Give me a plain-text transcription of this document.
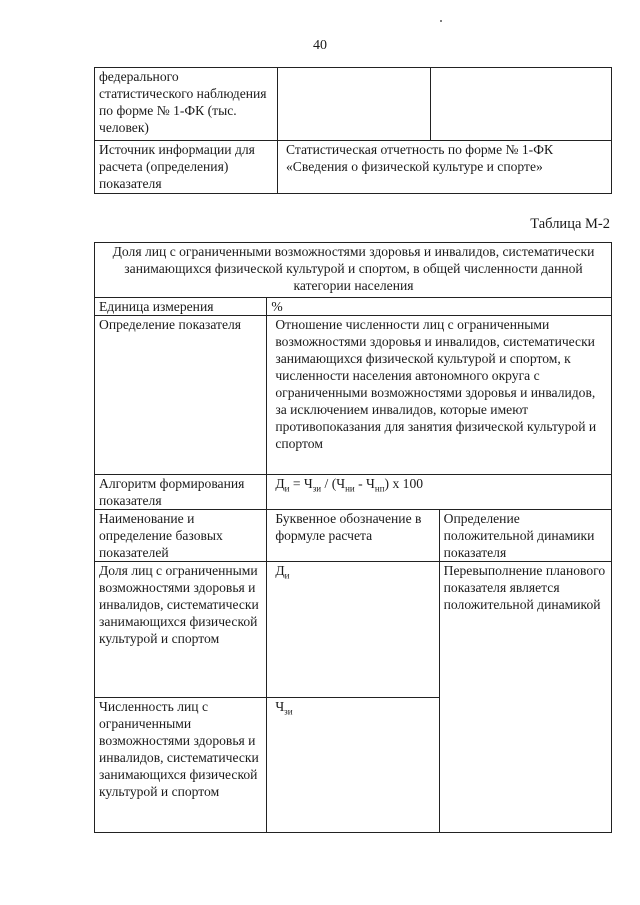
40
федерального статистического наблюдения по форме № 1-ФК (тыс. человек)		
Источник информации для расчета (определения) показателя	Статистическая отчетность по форме № 1-ФК «Сведения о физической культуре и спорте»	
Таблица М-2
Доля лиц с ограниченными возможностями здоровья и инвалидов, систематически занимающихся физической культурой и спортом, в общей численности данной категории населения		
Единица измерения	%	
Определение показателя	Отношение численности лиц с ограниченными возможностями здоровья и инвалидов, систематически занимающихся физической культурой и спортом, к численности населения автономного округа с ограниченными возможностями здоровья и инвалидов, за исключением инвалидов, которые имеют противопоказания для занятия физической культурой и спортом	
Алгоритм формирования показателя	$Д_и = Ч_{зи} / (Ч_{ни} - Ч_{нп})$ x 100	
Наименование и определение базовых показателей	Буквенное обозначение в формуле расчета	Определение положительной динамики показателя
Доля лиц с ограниченными возможностями здоровья и инвалидов, систематически занимающихся физической культурой и спортом	$Д_и$	Перевыполнение планового показателя является положительной динамикой
Численность лиц с ограниченными возможностями здоровья и инвалидов, систематически занимающихся физической культурой и спортом	$Ч_{зи}$
